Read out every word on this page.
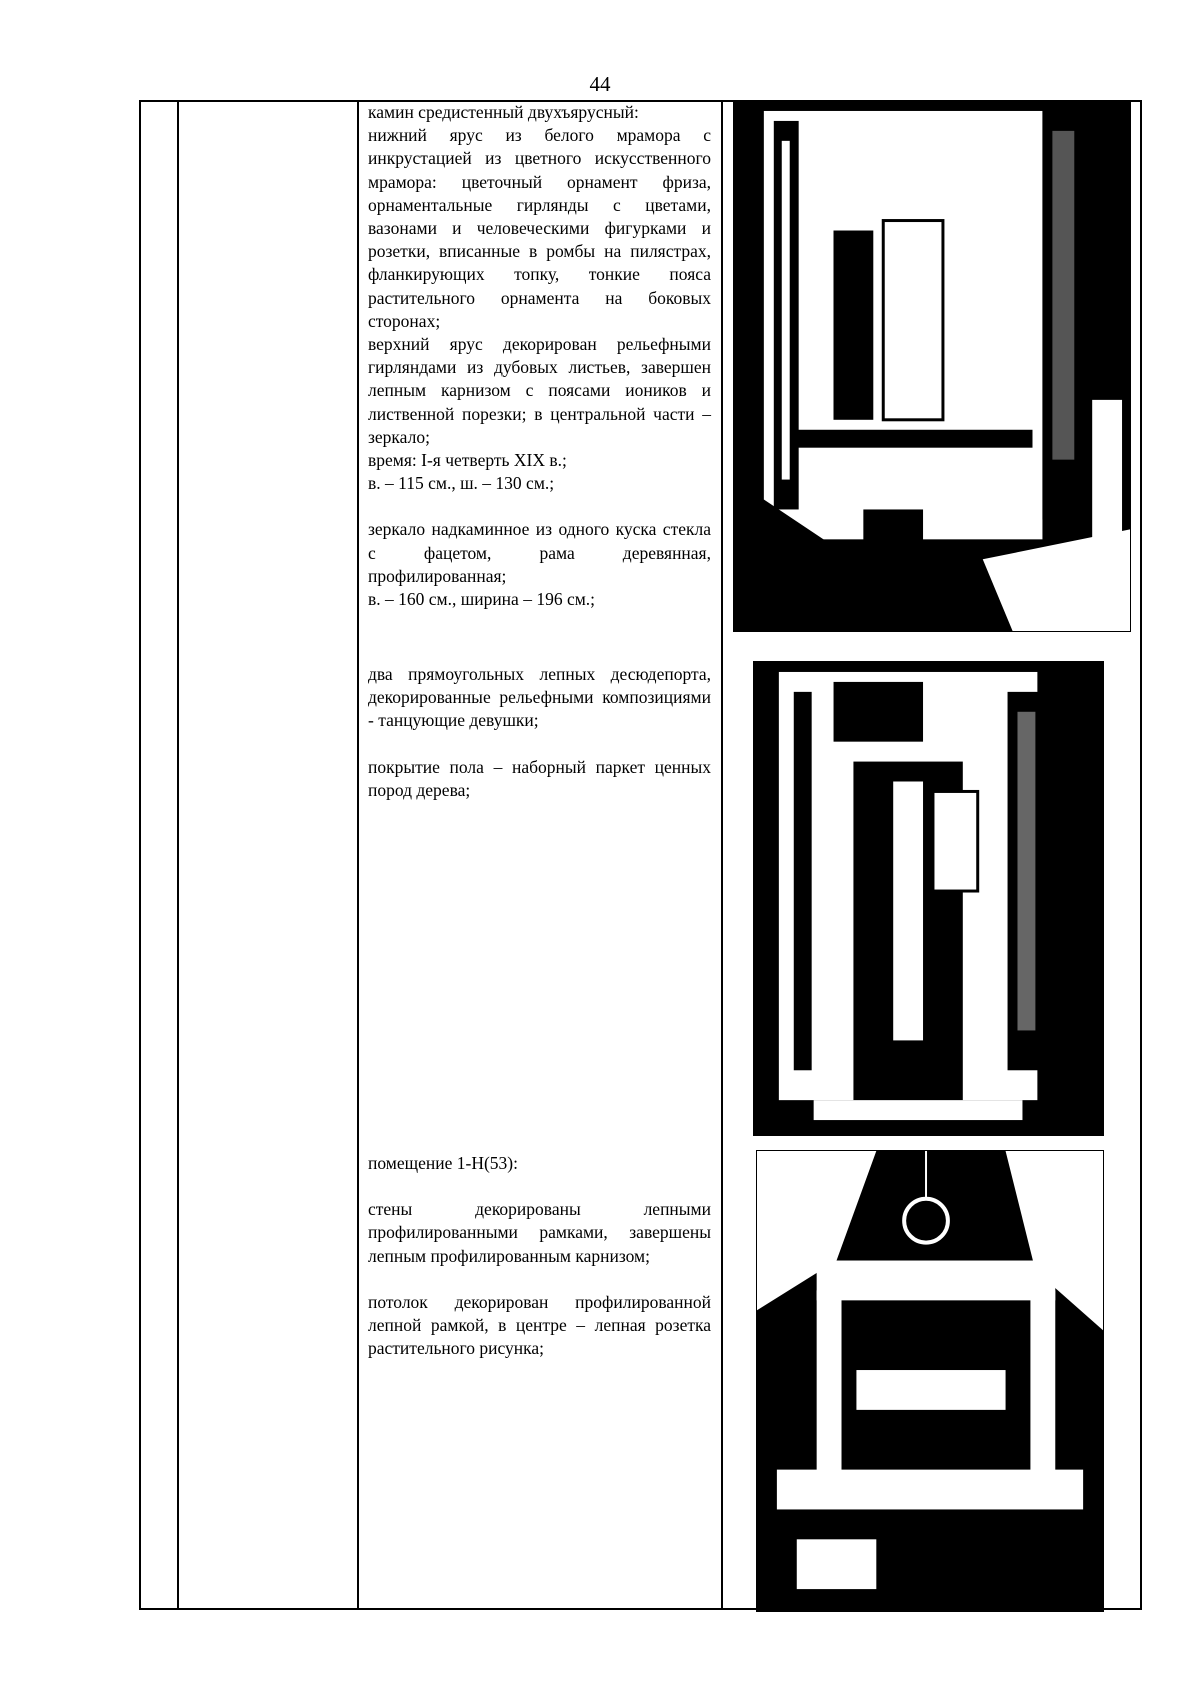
44

камин средистенный двухъярусный:

нижний ярус из белого мрамора с инкрустацией из цветного искусственного мрамора: цветочный орнамент фриза, орнаментальные гирлянды с цветами, вазонами и человеческими фигурками и розетки, вписанные в ромбы на пилястрах, фланкирующих топку, тонкие пояса растительного орнамента на боковых сторонах;

верхний ярус декорирован рельефными гирляндами из дубовых листьев, завершен лепным карнизом с поясами иоников и лиственной порезки; в центральной части – зеркало;

время: I-я четверть XIX в.;

в. – 115 см., ш. – 130 см.;

зеркало надкаминное из одного куска стекла с фацетом, рама деревянная, профилированная;

в. – 160 см., ширина – 196 см.;

два прямоугольных лепных десюдепорта, декорированные рельефными композициями - танцующие девушки;

покрытие пола – наборный паркет ценных пород дерева;

помещение 1-Н(53):

стены декорированы лепными профилированными рамками, завершены лепным профилированным карнизом;

потолок декорирован профилированной лепной рамкой, в центре – лепная розетка растительного рисунка;
